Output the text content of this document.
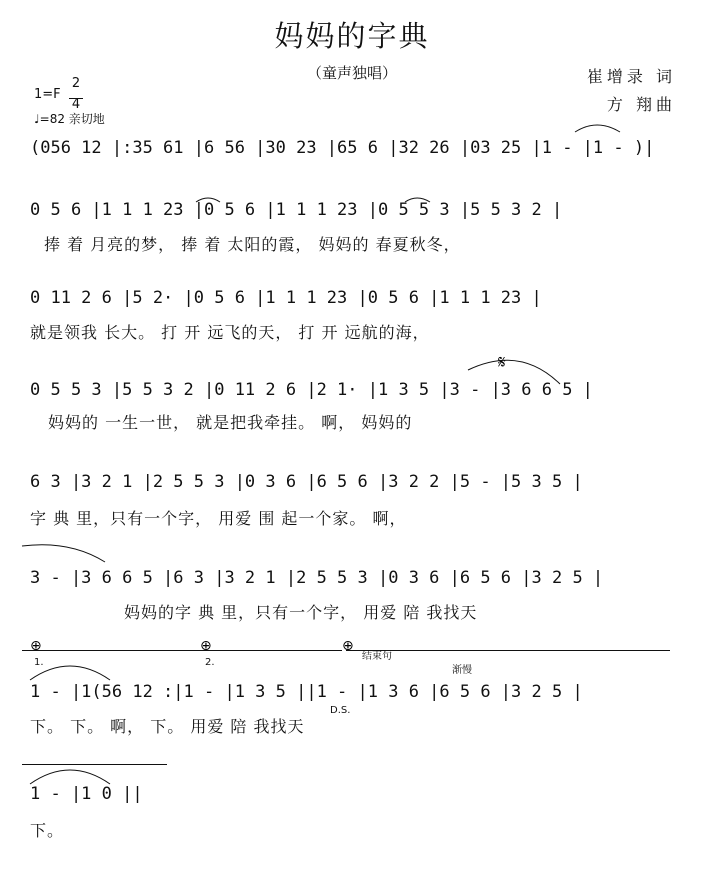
妈妈的字典
（童声独唱）	崔增录 词
方 翔曲
1=F
2
4
♩=82 亲切地
(056 12 |:35 61 |6 56 |30 23 |65 6 |32 26 |03 25 |1 - |1 - )|
0 5 6 |1 1 1 23 |0 5 6 |1 1 1 23 |0 5 5 3 |5 5 3 2 |
捧 着 月亮的梦， 捧 着 太阳的霞， 妈妈的 春夏秋冬，
0 11 2 6 |5 2· |0 5 6 |1 1 1 23 |0 5 6 |1 1 1 23 |
就是领我 长大。 打 开 远飞的天， 打 开 远航的海，
0 5 5 3 |5 5 3 2 |0 11 2 6 |2 1· |1 3 5 |3 - |3 6 6 5 |
妈妈的 一生一世， 就是把我牵挂。 啊， 妈妈的
6 3 |3 2 1 |2 5 5 3 |0 3 6 |6 5 6 |3 2 2 |5 - |5 3 5 |
字 典 里，只有一个字， 用爱 围 起一个家。 啊，
3 - |3 6 6 5 |6 3 |3 2 1 |2 5 5 3 |0 3 6 |6 5 6 |3 2 5 |
妈妈的字 典 里，只有一个字， 用爱 陪 我找天
1 - |1(56 12 :|1 - |1 3 5 ||1 - |1 3 6 |6 5 6 |3 2 5 |
下。 下。 啊， 下。 用爱 陪 我找天
1 - |1 0 ||
下。
1.	2.
结束句
渐慢
D.S.
𝄋
⊕	⊕	⊕
